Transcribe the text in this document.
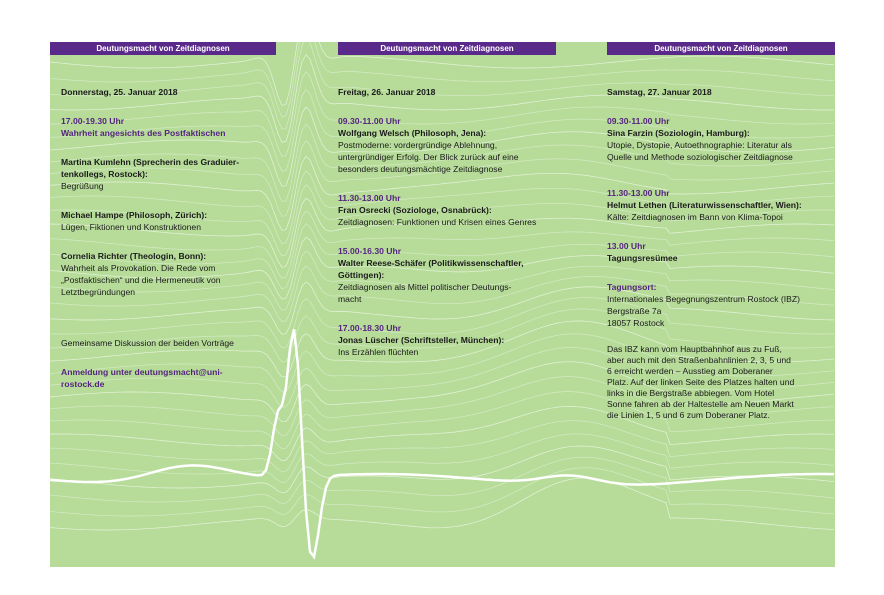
Deutungsmacht von Zeitdiagnosen	Deutungsmacht von Zeitdiagnosen	Deutungsmacht von Zeitdiagnosen
Donnerstag, 25. Januar 2018
17.00-19.30 Uhr
Wahrheit angesichts des Postfaktischen
Martina Kumlehn (Sprecherin des Graduier-
tenkollegs, Rostock):
Begrüßung
Michael Hampe (Philosoph, Zürich):
Lügen, Fiktionen und Konstruktionen
Cornelia Richter (Theologin, Bonn):
Wahrheit als Provokation. Die Rede vom
„Postfaktischen“ und die Hermeneutik von
Letztbegründungen
Gemeinsame Diskussion der beiden Vorträge
Anmeldung unter deutungsmacht@uni-
rostock.de
Freitag, 26. Januar 2018
09.30-11.00 Uhr
Wolfgang Welsch (Philosoph, Jena):
Postmoderne: vordergründige Ablehnung,
untergründiger Erfolg. Der Blick zurück auf eine
besonders deutungsmächtige Zeitdiagnose
11.30-13.00 Uhr
Fran Osrecki (Soziologe, Osnabrück):
Zeitdiagnosen: Funktionen und Krisen eines Genres
15.00-16.30 Uhr
Walter Reese-Schäfer (Politikwissenschaftler,
Göttingen):
Zeitdiagnosen als Mittel politischer Deutungs-
macht
17.00-18.30 Uhr
Jonas Lüscher (Schriftsteller, München):
Ins Erzählen flüchten
Samstag, 27. Januar 2018
09.30-11.00 Uhr
Sina Farzin (Soziologin, Hamburg):
Utopie, Dystopie, Autoethnographie: Literatur als
Quelle und Methode soziologischer Zeitdiagnose
11.30-13.00 Uhr
Helmut Lethen (Literaturwissenschaftler, Wien):
Kälte: Zeitdiagnosen im Bann von Klima-Topoi
13.00 Uhr
Tagungsresümee
Tagungsort:
Internationales Begegnungszentrum Rostock (IBZ)
Bergstraße 7a
18057 Rostock
Das IBZ kann vom Hauptbahnhof aus zu Fuß,
aber auch mit den Straßenbahnlinien 2, 3, 5 und
6 erreicht werden – Ausstieg am Doberaner
Platz. Auf der linken Seite des Platzes halten und
links in die Bergstraße abbiegen. Vom Hotel
Sonne fahren ab der Haltestelle am Neuen Markt
die Linien 1, 5 und 6 zum Doberaner Platz.
